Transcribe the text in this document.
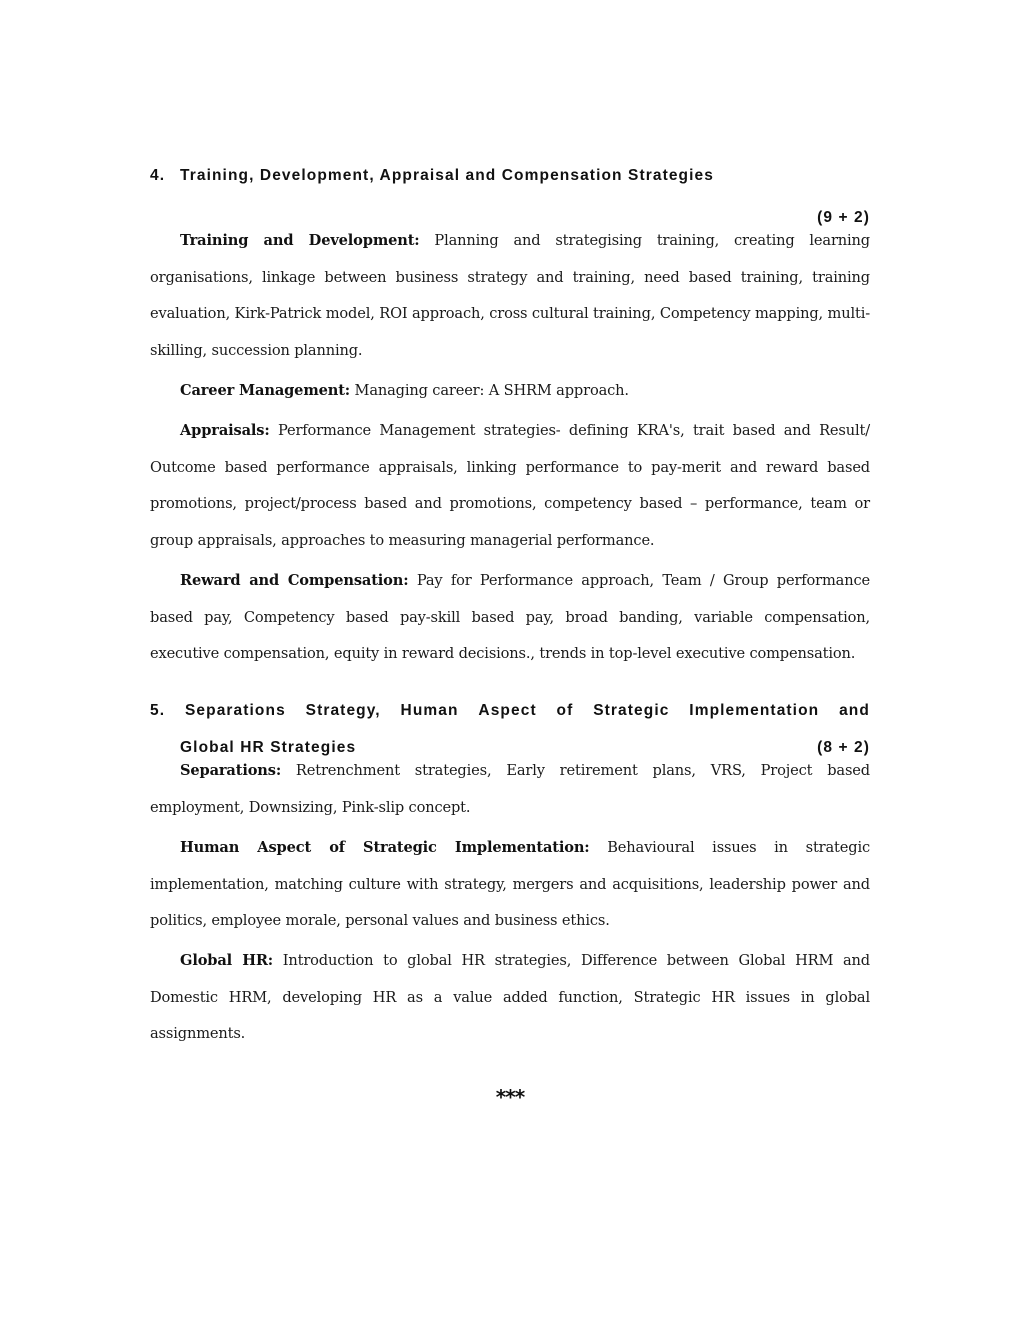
4. Training, Development, Appraisal and Compensation Strategies
(9 + 2)

Training and Development: Planning and strategising training, creating learning organisations, linkage between business strategy and training, need based training, training evaluation, Kirk-Patrick model, ROI approach, cross cultural training, Competency mapping, multi-skilling, succession planning.

Career Management: Managing career: A SHRM approach.

Appraisals: Performance Management strategies- defining KRA's, trait based and Result/ Outcome based performance appraisals, linking performance to pay-merit and reward based promotions, project/process based and promotions, competency based – performance, team or group appraisals, approaches to measuring managerial performance.

Reward and Compensation: Pay for Performance approach, Team / Group performance based pay, Competency based pay-skill based pay, broad banding, variable compensation, executive compensation, equity in reward decisions., trends in top-level executive compensation.

5. Separations Strategy, Human Aspect of Strategic Implementation and
Global HR Strategies	(8 + 2)

Separations: Retrenchment strategies, Early retirement plans, VRS, Project based employment, Downsizing, Pink-slip concept.

Human Aspect of Strategic Implementation: Behavioural issues in strategic implementation, matching culture with strategy, mergers and acquisitions, leadership power and politics, employee morale, personal values and business ethics.

Global HR: Introduction to global HR strategies, Difference between Global HRM and Domestic HRM, developing HR as a value added function, Strategic HR issues in global assignments.

***
